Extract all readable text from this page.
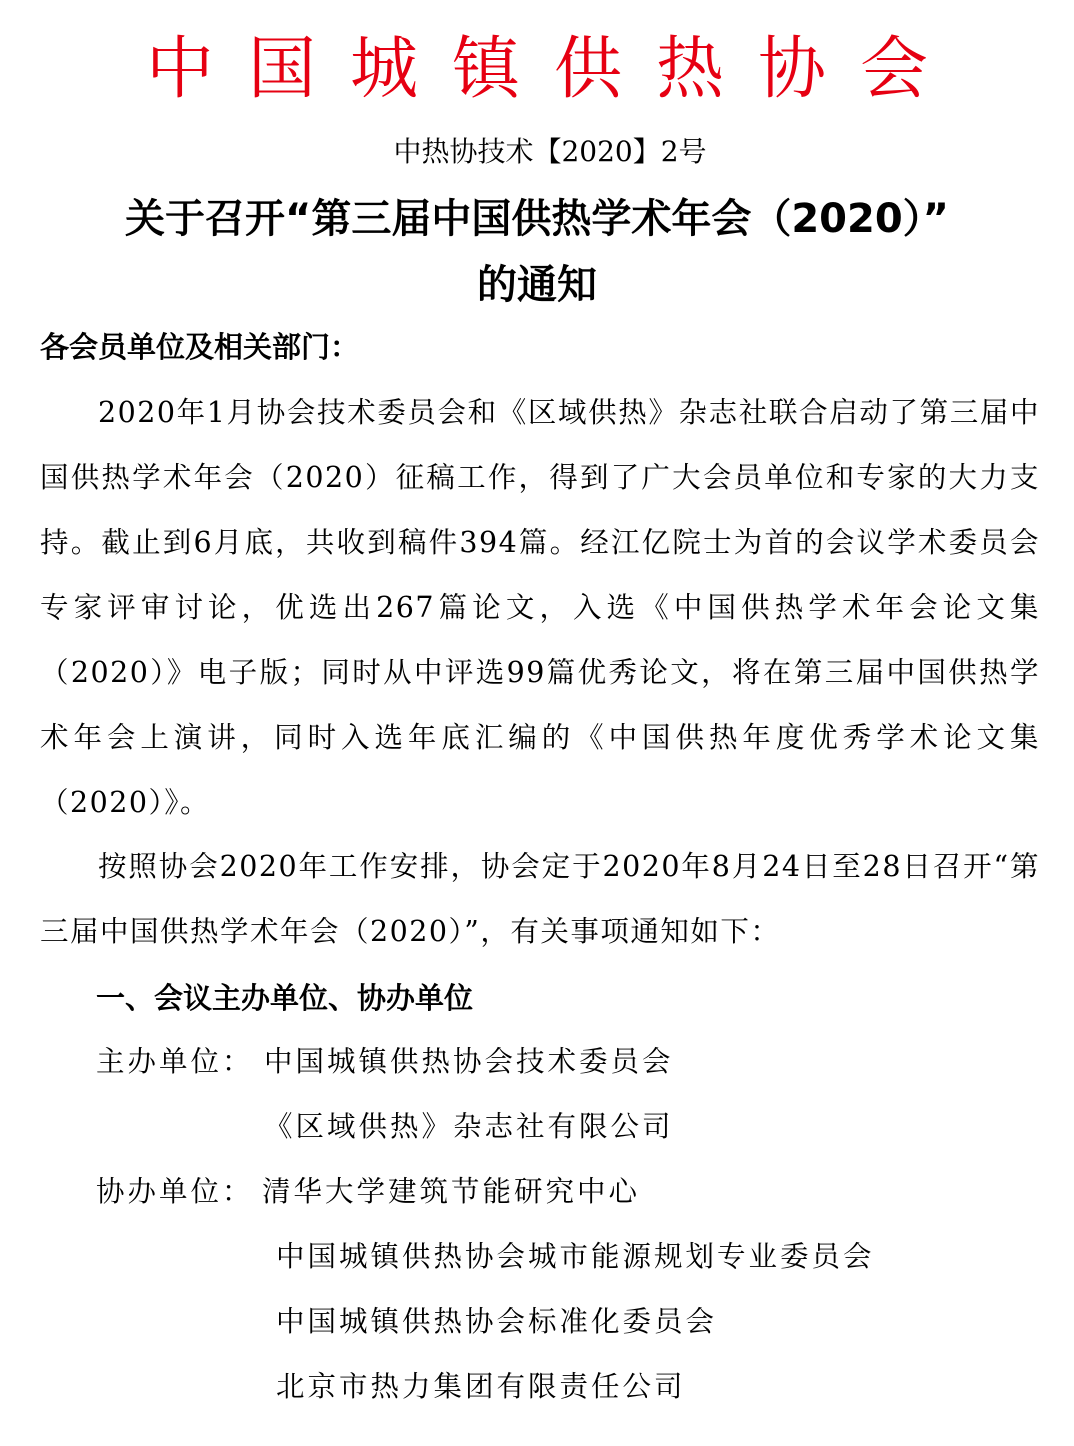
中国城镇供热协会
中热协技术【2020】2号
关于召开“第三届中国供热学术年会（2020）”
的通知
各会员单位及相关部门：
2020年1月协会技术委员会和《区域供热》杂志社联合启动了第三届中国供热学术年会（2020）征稿工作，得到了广大会员单位和专家的大力支持。截止到6月底，共收到稿件394篇。经江亿院士为首的会议学术委员会专家评审讨论，优选出267篇论文，入选《中国供热学术年会论文集（2020）》电子版；同时从中评选99篇优秀论文，将在第三届中国供热学术年会上演讲，同时入选年底汇编的《中国供热年度优秀学术论文集（2020）》。
按照协会2020年工作安排，协会定于2020年8月24日至28日召开“第三届中国供热学术年会（2020）”，有关事项通知如下：
一、会议主办单位、协办单位
主办单位： 中国城镇供热协会技术委员会
《区域供热》杂志社有限公司
协办单位： 清华大学建筑节能研究中心
中国城镇供热协会城市能源规划专业委员会
中国城镇供热协会标准化委员会
北京市热力集团有限责任公司
